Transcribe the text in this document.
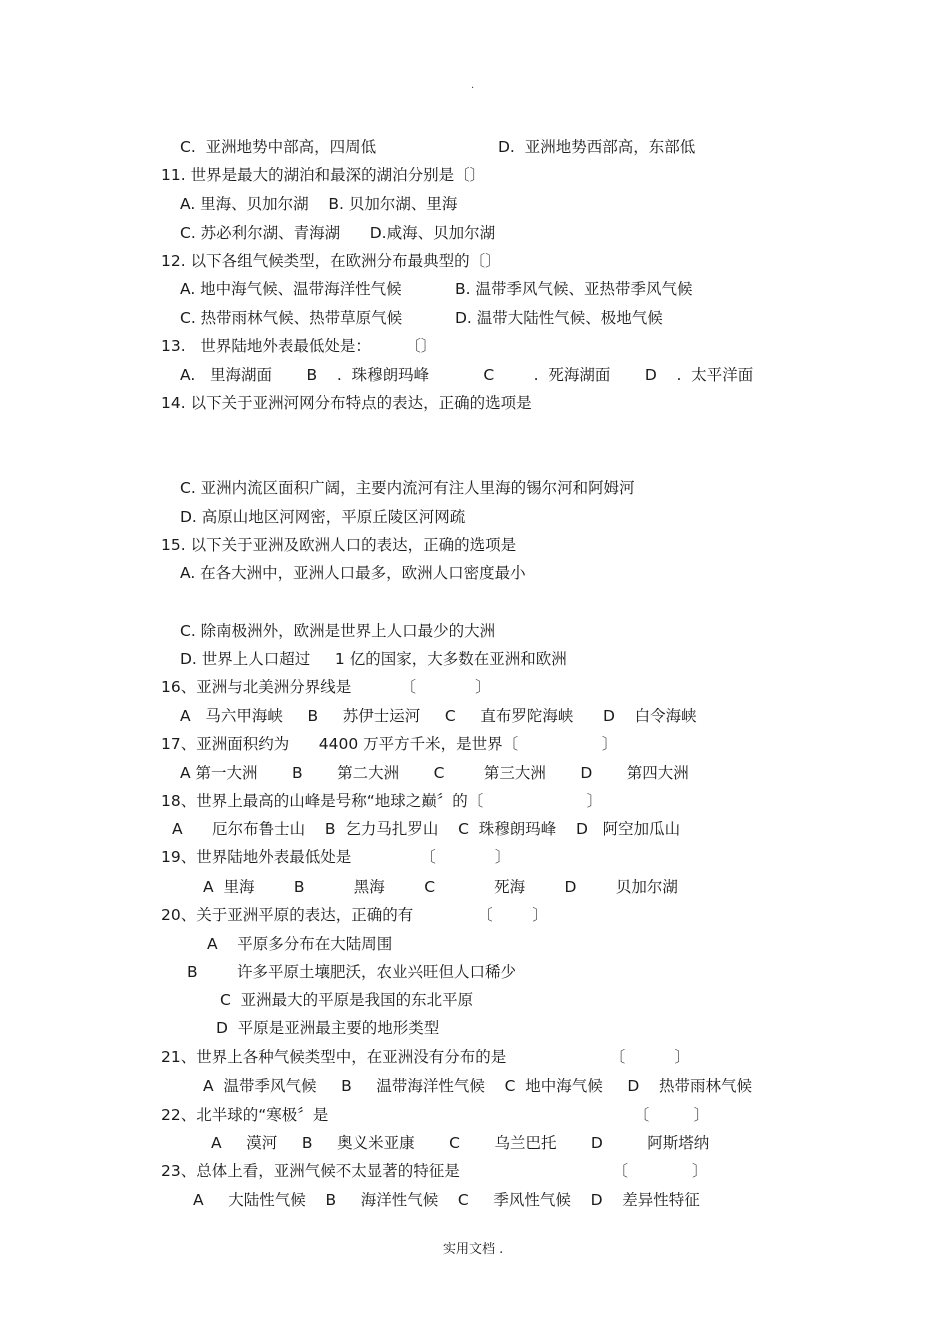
.
C.  亚洲地势中部高，四周低	D.  亚洲地势西部高，东部低
11. 世界是最大的湖泊和最深的湖泊分别是〔〕
A. 里海、贝加尔湖    B. 贝加尔湖、里海
C. 苏必利尔湖、青海湖      D.咸海、贝加尔湖
12. 以下各组气候类型，在欧洲分布最典型的〔〕
A. 地中海气候、温带海洋性气候	B. 温带季风气候、亚热带季风气候
C. 热带雨林气候、热带草原气候	D. 温带大陆性气候、极地气候
13.   世界陆地外表最低处是：       〔〕
A.   里海湖面       B    .  珠穆朗玛峰           C        .  死海湖面       D    .  太平洋面
14. 以下关于亚洲河网分布特点的表达，正确的选项是
C. 亚洲内流区面积广阔，主要内流河有注人里海的锡尔河和阿姆河
D. 高原山地区河网密，平原丘陵区河网疏
15. 以下关于亚洲及欧洲人口的表达，正确的选项是
A. 在各大洲中，亚洲人口最多，欧洲人口密度最小
C. 除南极洲外，欧洲是世界上人口最少的大洲
D. 世界上人口超过     1 亿的国家，大多数在亚洲和欧洲
16、亚洲与北美洲分界线是          〔            〕
A   马六甲海峡     B     苏伊士运河     C     直布罗陀海峡      D    白令海峡
17、亚洲面积约为      4400 万平方千米，是世界〔                 〕
A 第一大洲       B       第二大洲       C        第三大洲       D       第四大洲
18、世界上最高的山峰是号称“地球之巅〞的〔                     〕
A      厄尔布鲁士山    B  乞力马扎罗山    C  珠穆朗玛峰    D   阿空加瓜山
19、世界陆地外表最低处是              〔            〕
A  里海        B          黑海        C            死海        D        贝加尔湖
20、关于亚洲平原的表达，正确的有             〔        〕
A    平原多分布在大陆周围
B        许多平原土壤肥沃，农业兴旺但人口稀少
C  亚洲最大的平原是我国的东北平原
D  平原是亚洲最主要的地形类型
21、世界上各种气候类型中，在亚洲没有分布的是                     〔          〕
A  温带季风气候     B     温带海洋性气候    C  地中海气候     D    热带雨林气候
22、北半球的“寒极〞是                                                              〔         〕
A     漠河     B     奥义米亚康       C       乌兰巴托       D         阿斯塔纳
23、总体上看，亚洲气候不太显著的特征是                               〔             〕
A     大陆性气候    B     海洋性气候    C     季风性气候    D    差异性特征
实用文档 .
